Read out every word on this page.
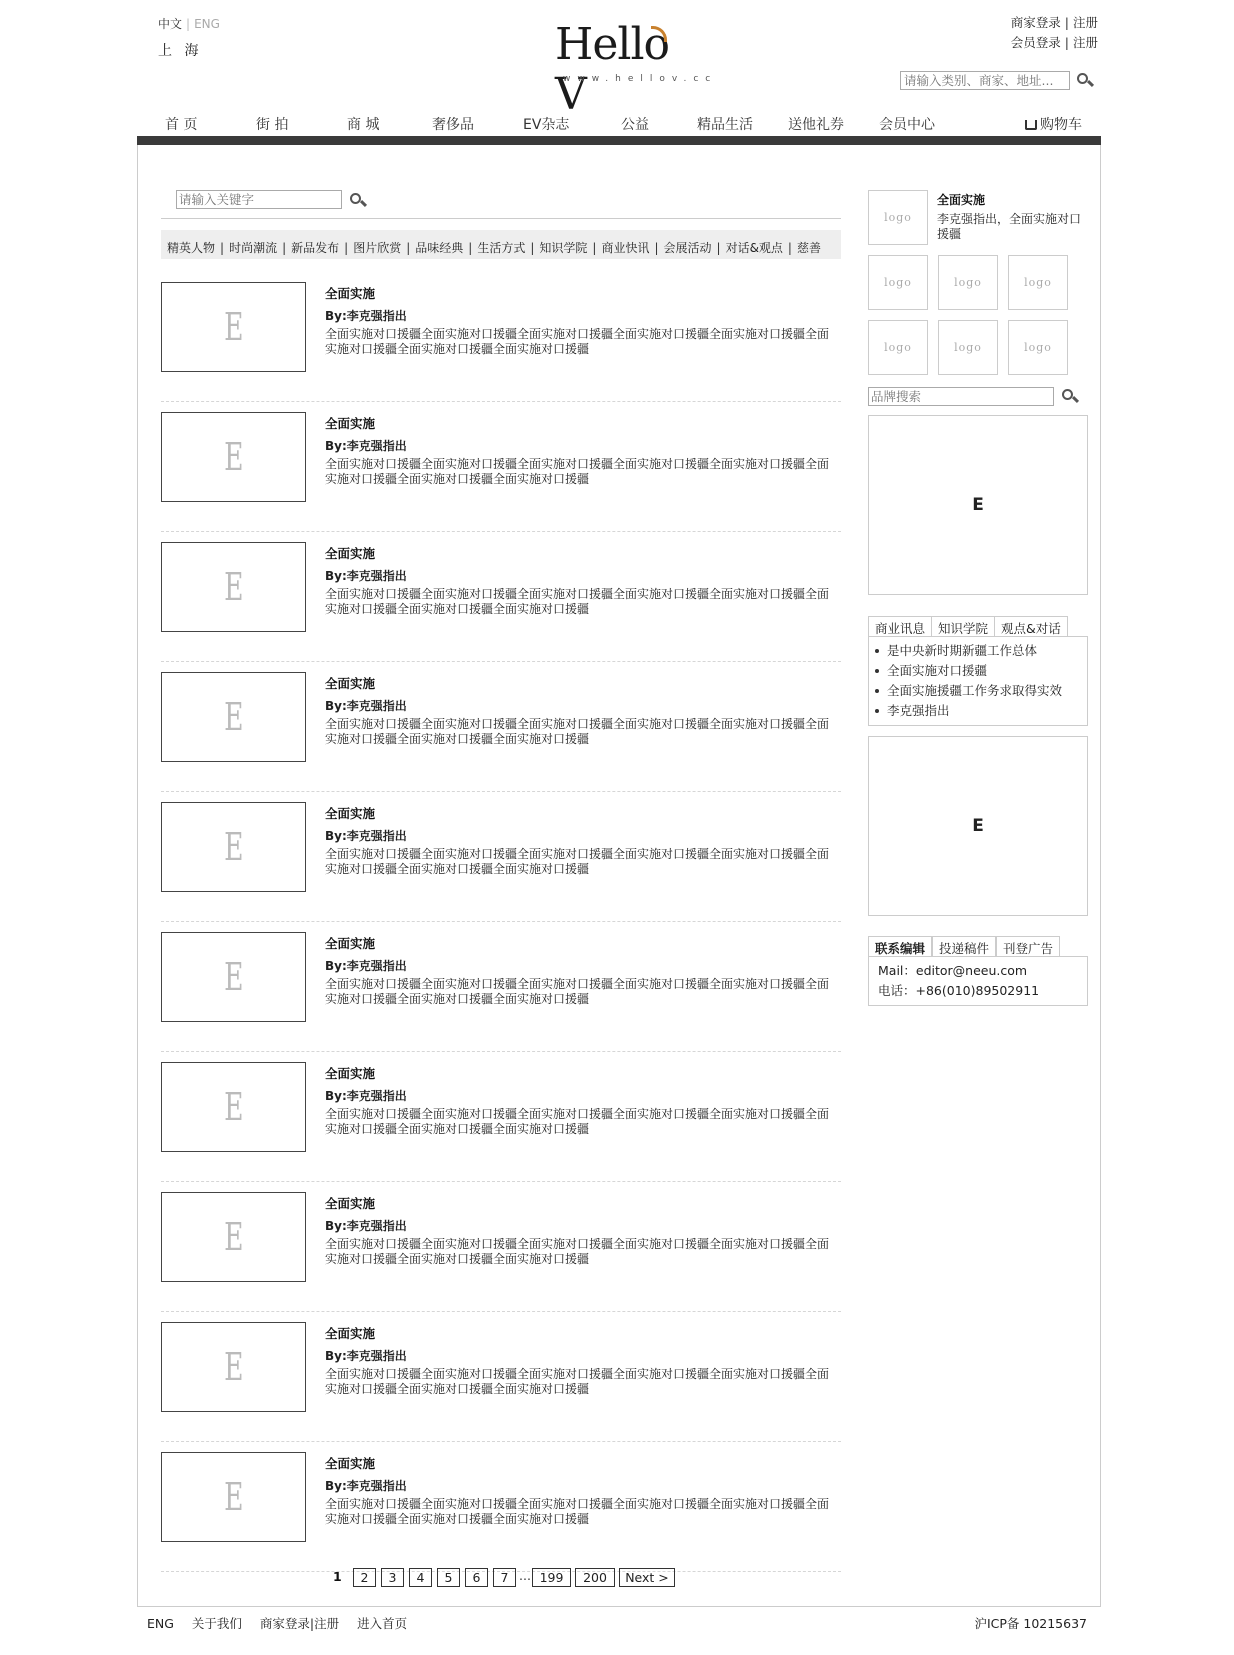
中文 | ENG
上 海	Hello V
www.hellov.cc
商家登录 | 注册
会员登录 | 注册
请输入类别、商家、地址...
首 页	街 拍	商 城	奢侈品	EV杂志	公益	精品生活	送他礼券	会员中心	购物车
请输入关键字
精英人物 | 时尚潮流 | 新品发布 | 图片欣赏 | 品味经典 | 生活方式 | 知识学院 | 商业快讯 | 会展活动 | 对话&观点 | 慈善
E
全面实施
By:李克强指出
全面实施对口援疆全面实施对口援疆全面实施对口援疆全面实施对口援疆全面实施对口援疆全面实施对口援疆全面实施对口援疆全面实施对口援疆
E
全面实施
By:李克强指出
全面实施对口援疆全面实施对口援疆全面实施对口援疆全面实施对口援疆全面实施对口援疆全面实施对口援疆全面实施对口援疆全面实施对口援疆
E
全面实施
By:李克强指出
全面实施对口援疆全面实施对口援疆全面实施对口援疆全面实施对口援疆全面实施对口援疆全面实施对口援疆全面实施对口援疆全面实施对口援疆
E
全面实施
By:李克强指出
全面实施对口援疆全面实施对口援疆全面实施对口援疆全面实施对口援疆全面实施对口援疆全面实施对口援疆全面实施对口援疆全面实施对口援疆
E
全面实施
By:李克强指出
全面实施对口援疆全面实施对口援疆全面实施对口援疆全面实施对口援疆全面实施对口援疆全面实施对口援疆全面实施对口援疆全面实施对口援疆
E
全面实施
By:李克强指出
全面实施对口援疆全面实施对口援疆全面实施对口援疆全面实施对口援疆全面实施对口援疆全面实施对口援疆全面实施对口援疆全面实施对口援疆
E
全面实施
By:李克强指出
全面实施对口援疆全面实施对口援疆全面实施对口援疆全面实施对口援疆全面实施对口援疆全面实施对口援疆全面实施对口援疆全面实施对口援疆
E
全面实施
By:李克强指出
全面实施对口援疆全面实施对口援疆全面实施对口援疆全面实施对口援疆全面实施对口援疆全面实施对口援疆全面实施对口援疆全面实施对口援疆
E
全面实施
By:李克强指出
全面实施对口援疆全面实施对口援疆全面实施对口援疆全面实施对口援疆全面实施对口援疆全面实施对口援疆全面实施对口援疆全面实施对口援疆
E
全面实施
By:李克强指出
全面实施对口援疆全面实施对口援疆全面实施对口援疆全面实施对口援疆全面实施对口援疆全面实施对口援疆全面实施对口援疆全面实施对口援疆
1	2	3	4	5	6	7 ... 199	200	Next >
logo
全面实施
李克强指出，全面实施对口援疆
logo	logo	logo
logo	logo	logo
品牌搜索
E
商业讯息	知识学院	观点&对话
是中央新时期新疆工作总体
全面实施对口援疆
全面实施援疆工作务求取得实效
李克强指出
E
联系编辑	投递稿件	刊登广告
Mail：editor@neeu.com
电话：+86(010)89502911
ENG 关于我们 商家登录|注册 进入首页	沪ICP备 10215637
